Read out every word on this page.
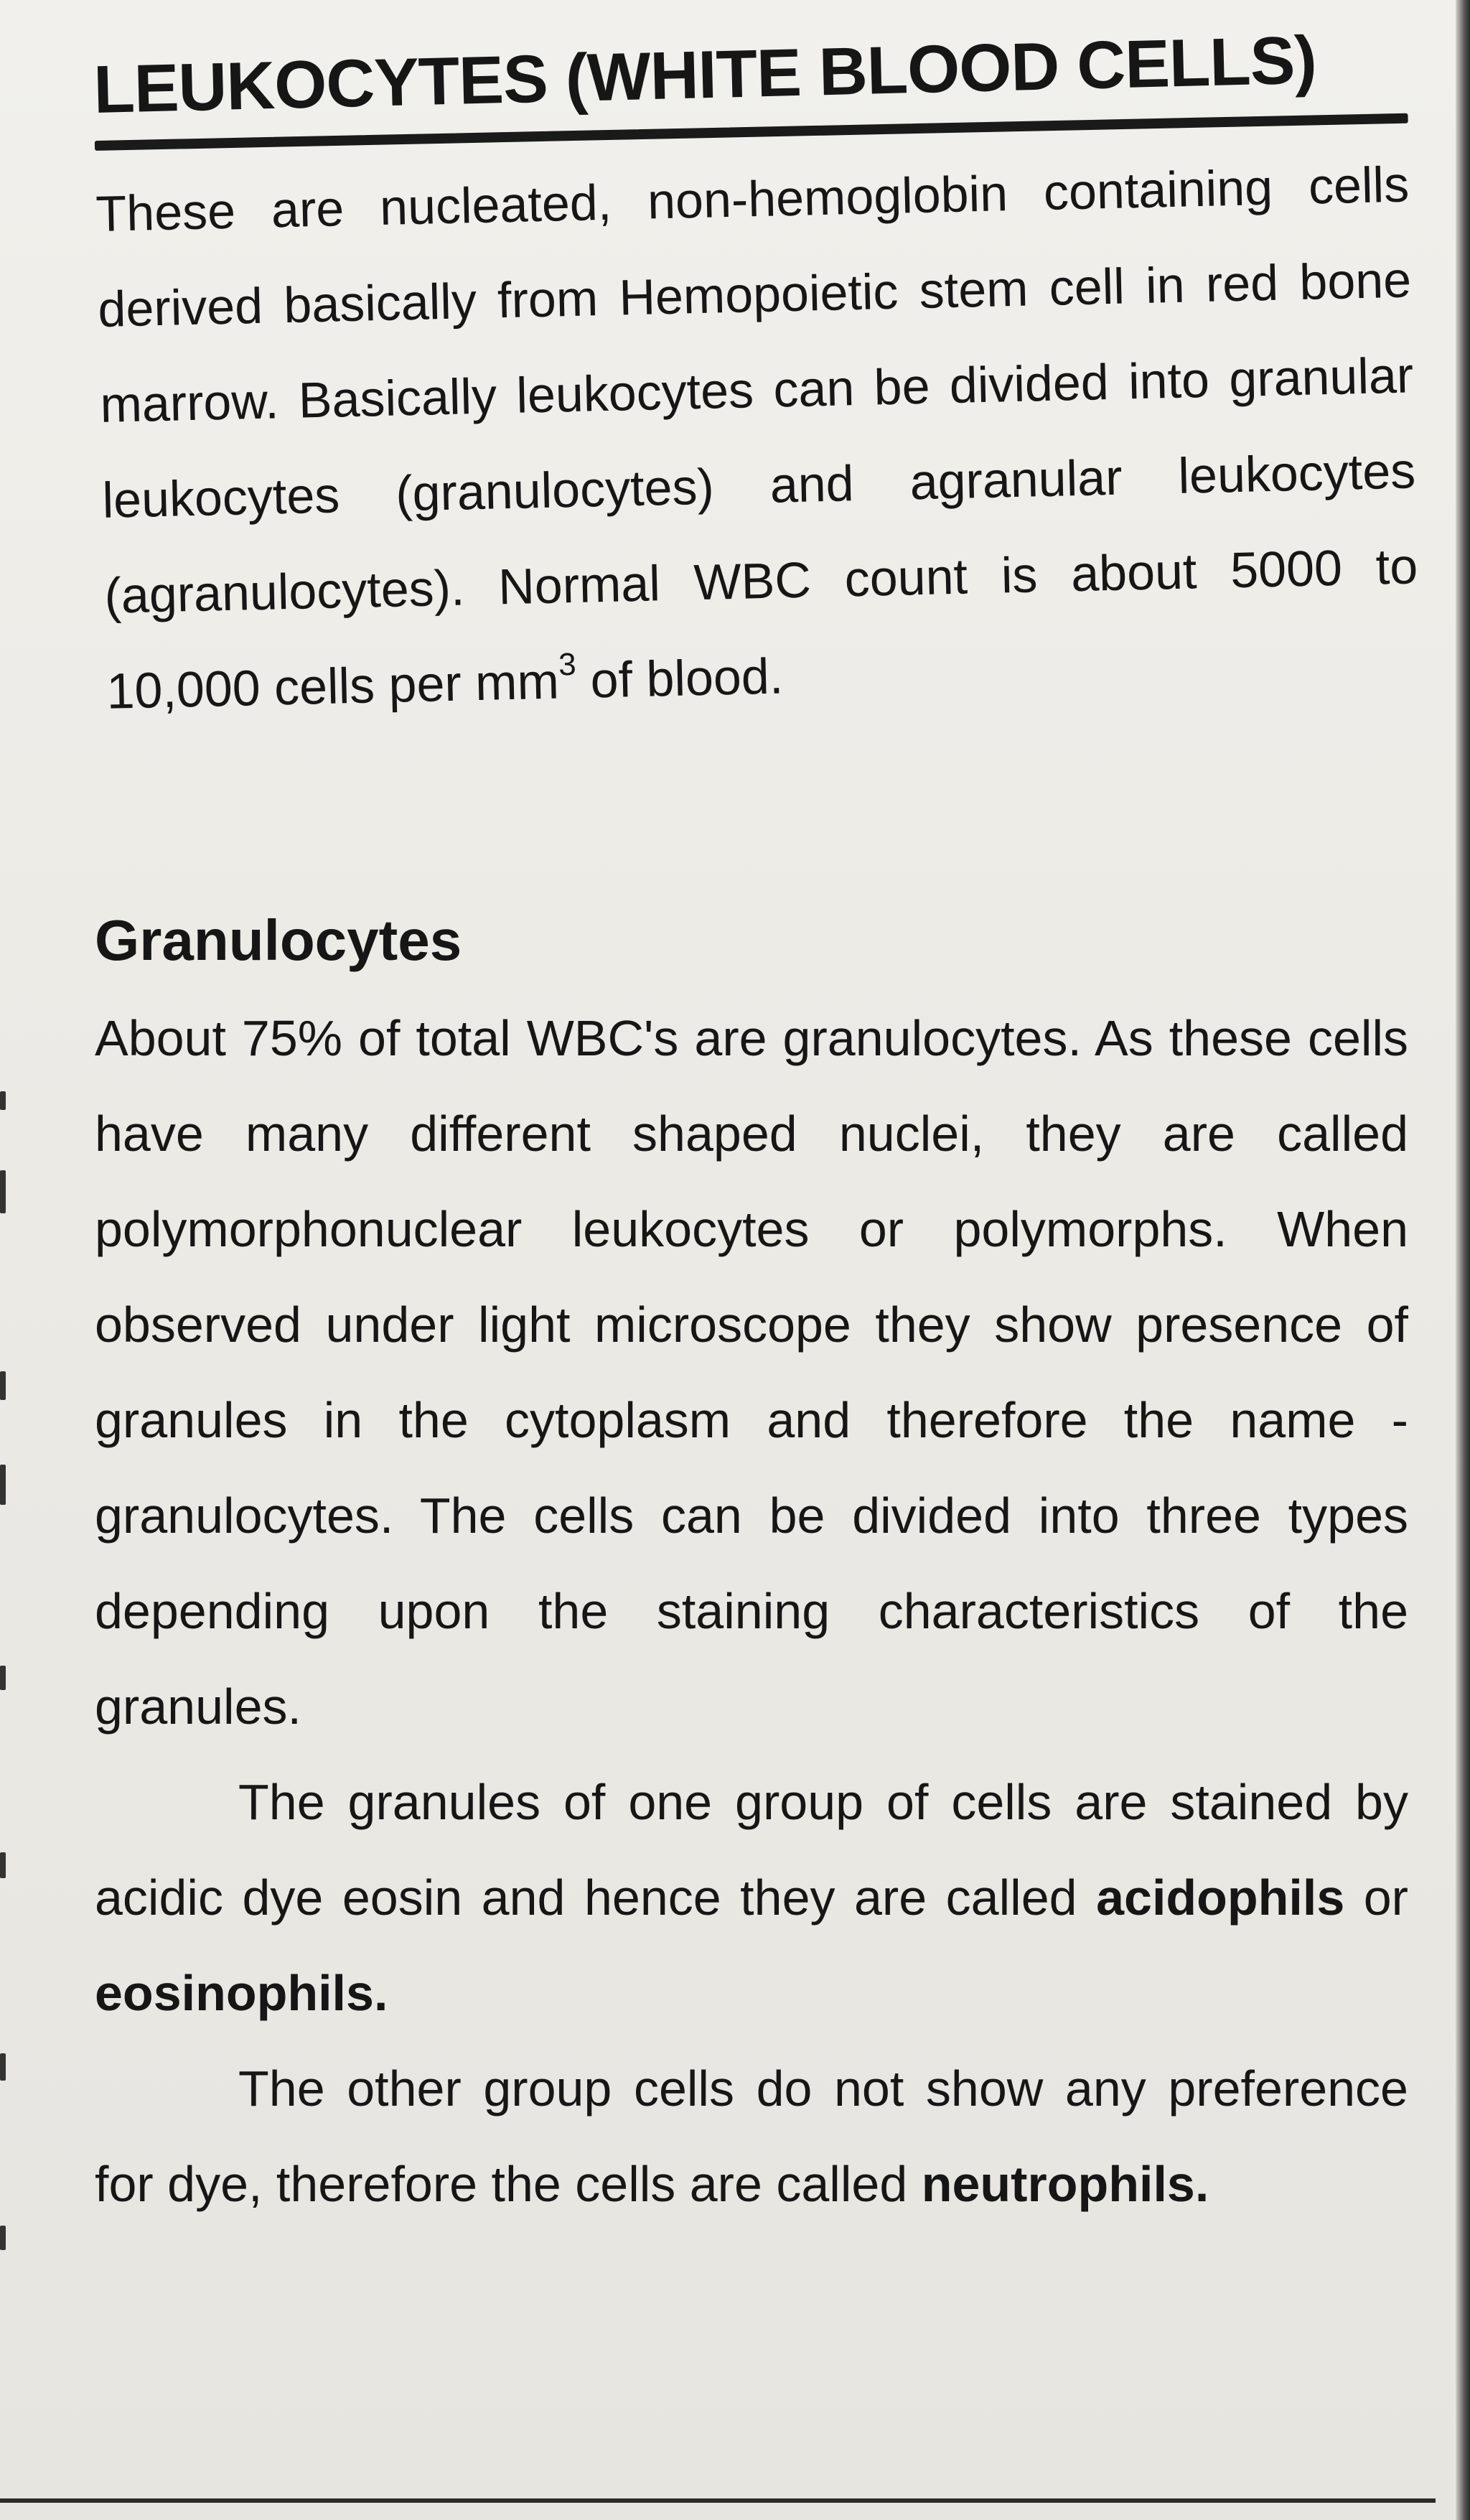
LEUKOCYTES (WHITE BLOOD CELLS)

These are nucleated, non-hemoglobin containing cells derived basically from Hemopoietic stem cell in red bone marrow. Basically leukocytes can be divided into granular leukocytes (granulocytes) and agranular leukocytes (agranulocytes). Normal WBC count is about 5000 to 10,000 cells per $mm^3$ of blood.

Granulocytes

About 75% of total WBC's are granulocytes. As these cells have many different shaped nuclei, they are called polymorphonuclear leukocytes or polymorphs. When observed under light microscope they show presence of granules in the cytoplasm and therefore the name - granulocytes. The cells can be divided into three types depending upon the staining characteristics of the granules.

The granules of one group of cells are stained by acidic dye eosin and hence they are called acidophils or eosinophils.

The other group cells do not show any preference for dye, therefore the cells are called neutrophils.
